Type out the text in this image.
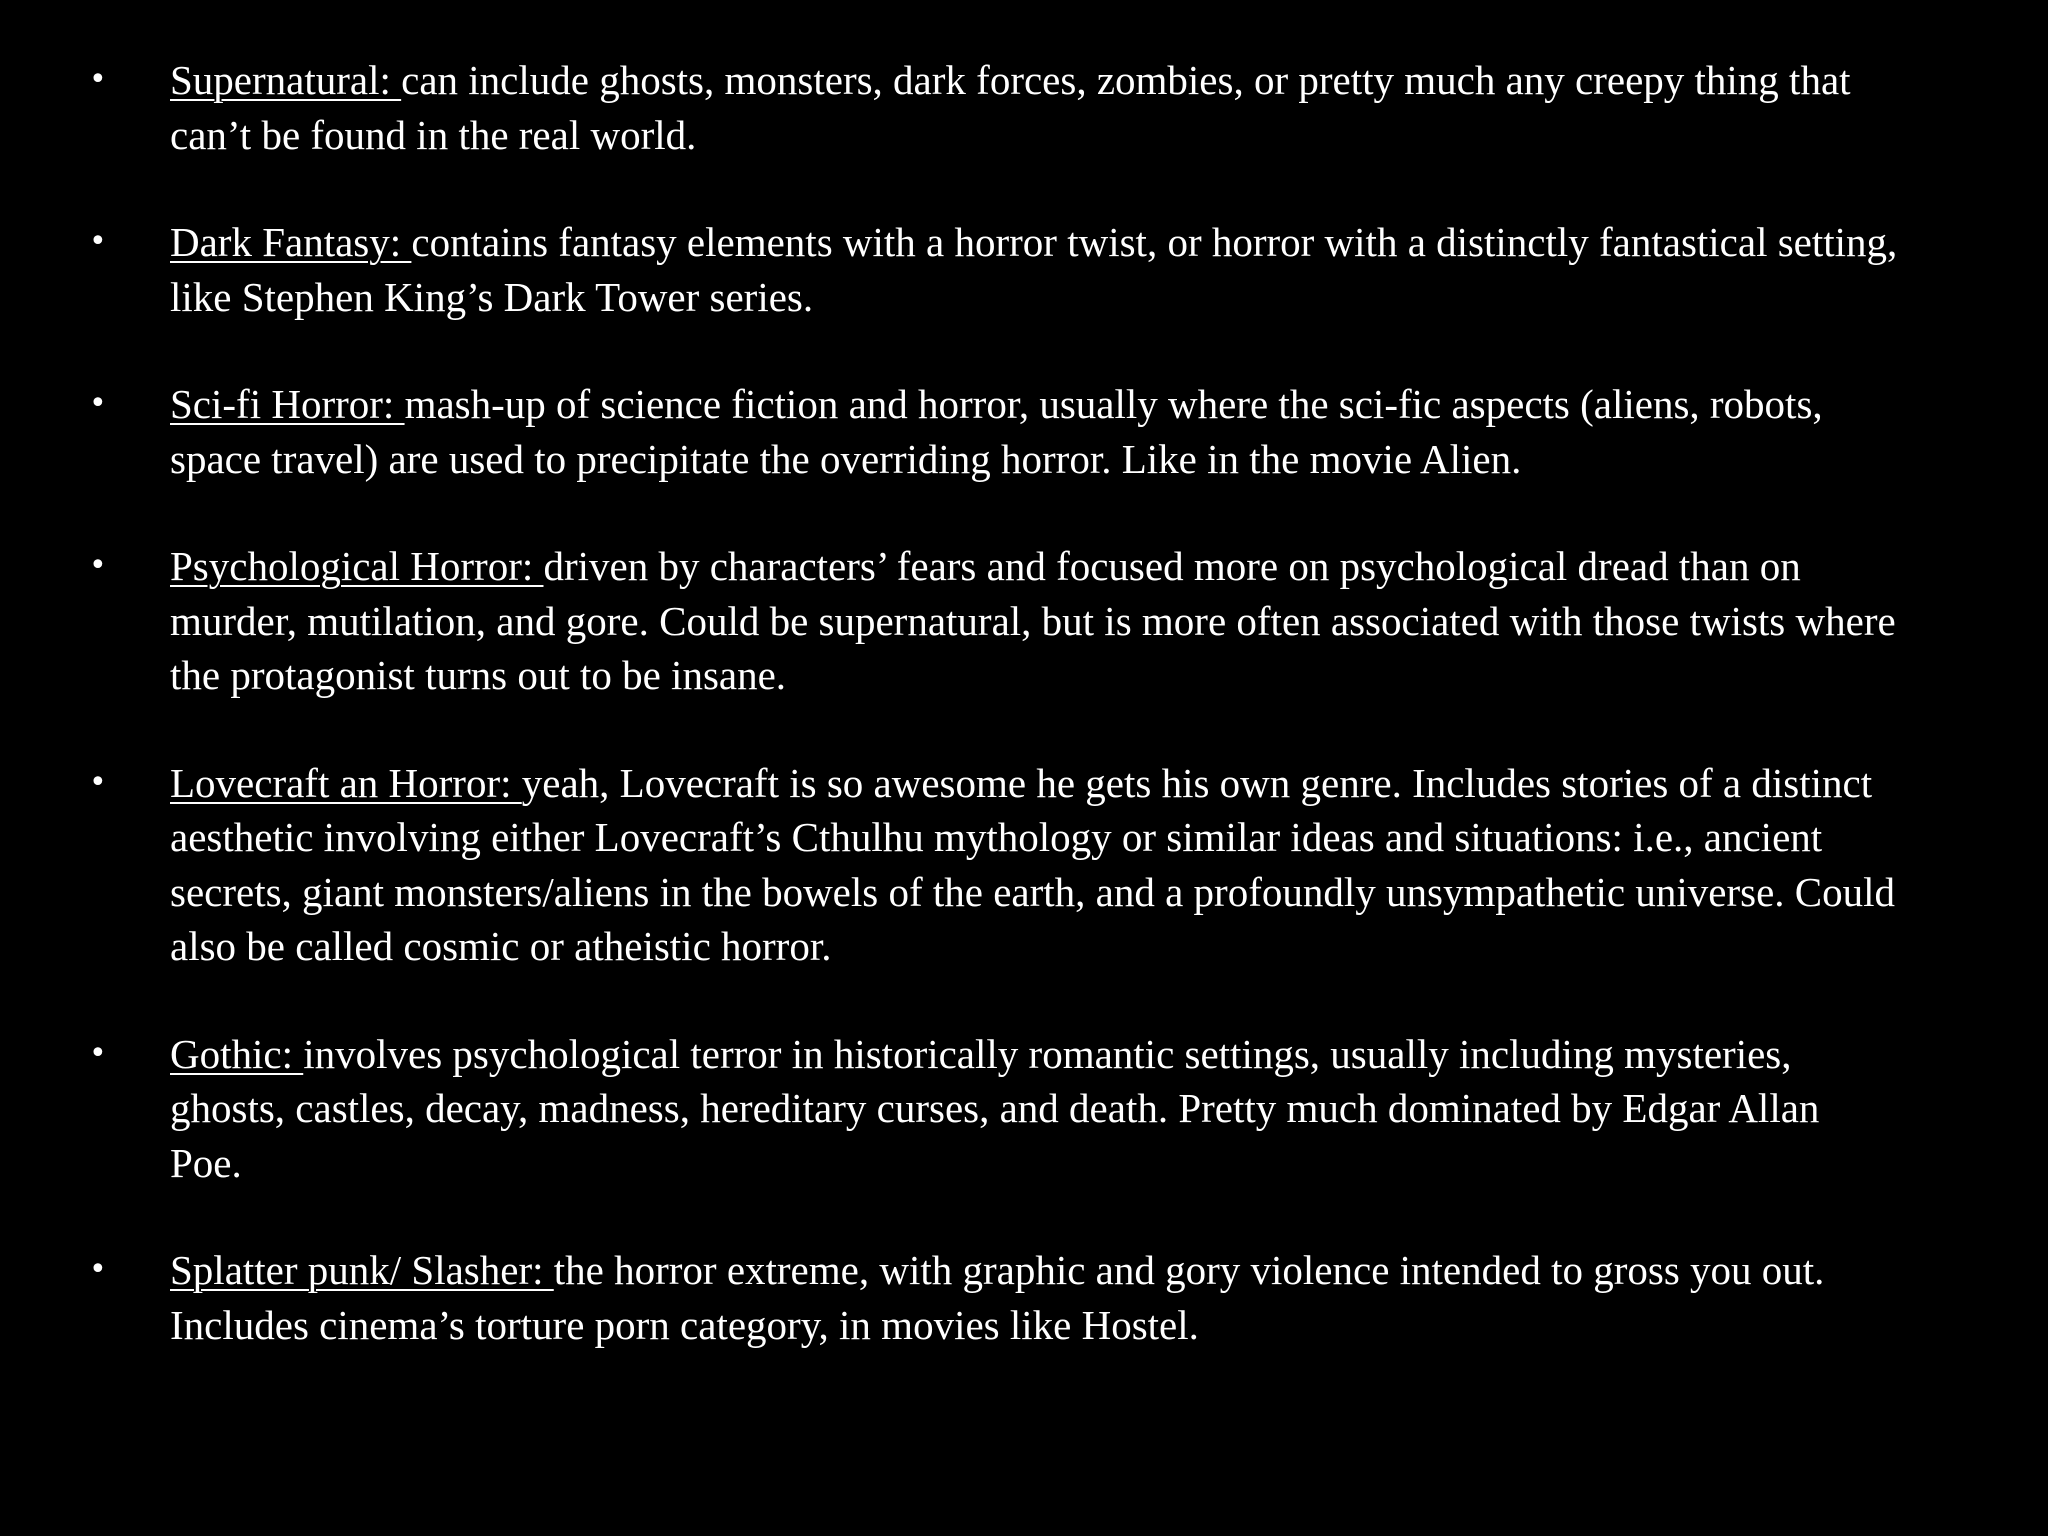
• Supernatural: can include ghosts, monsters, dark forces, zombies, or pretty much any creepy thing that can’t be found in the real world.
• Dark Fantasy: contains fantasy elements with a horror twist, or horror with a distinctly fantastical setting, like Stephen King’s Dark Tower series.
• Sci-fi Horror: mash-up of science fiction and horror, usually where the sci-fic aspects (aliens, robots, space travel) are used to precipitate the overriding horror. Like in the movie Alien.
• Psychological Horror: driven by characters’ fears and focused more on psychological dread than on murder, mutilation, and gore. Could be supernatural, but is more often associated with those twists where the protagonist turns out to be insane.
• Lovecraft an Horror: yeah, Lovecraft is so awesome he gets his own genre. Includes stories of a distinct aesthetic involving either Lovecraft’s Cthulhu mythology or similar ideas and situations: i.e., ancient secrets, giant monsters/aliens in the bowels of the earth, and a profoundly unsympathetic universe. Could also be called cosmic or atheistic horror.
• Gothic: involves psychological terror in historically romantic settings, usually including mysteries, ghosts, castles, decay, madness, hereditary curses, and death. Pretty much dominated by Edgar Allan Poe.
• Splatter punk/ Slasher: the horror extreme, with graphic and gory violence intended to gross you out. Includes cinema’s torture porn category, in movies like Hostel.
